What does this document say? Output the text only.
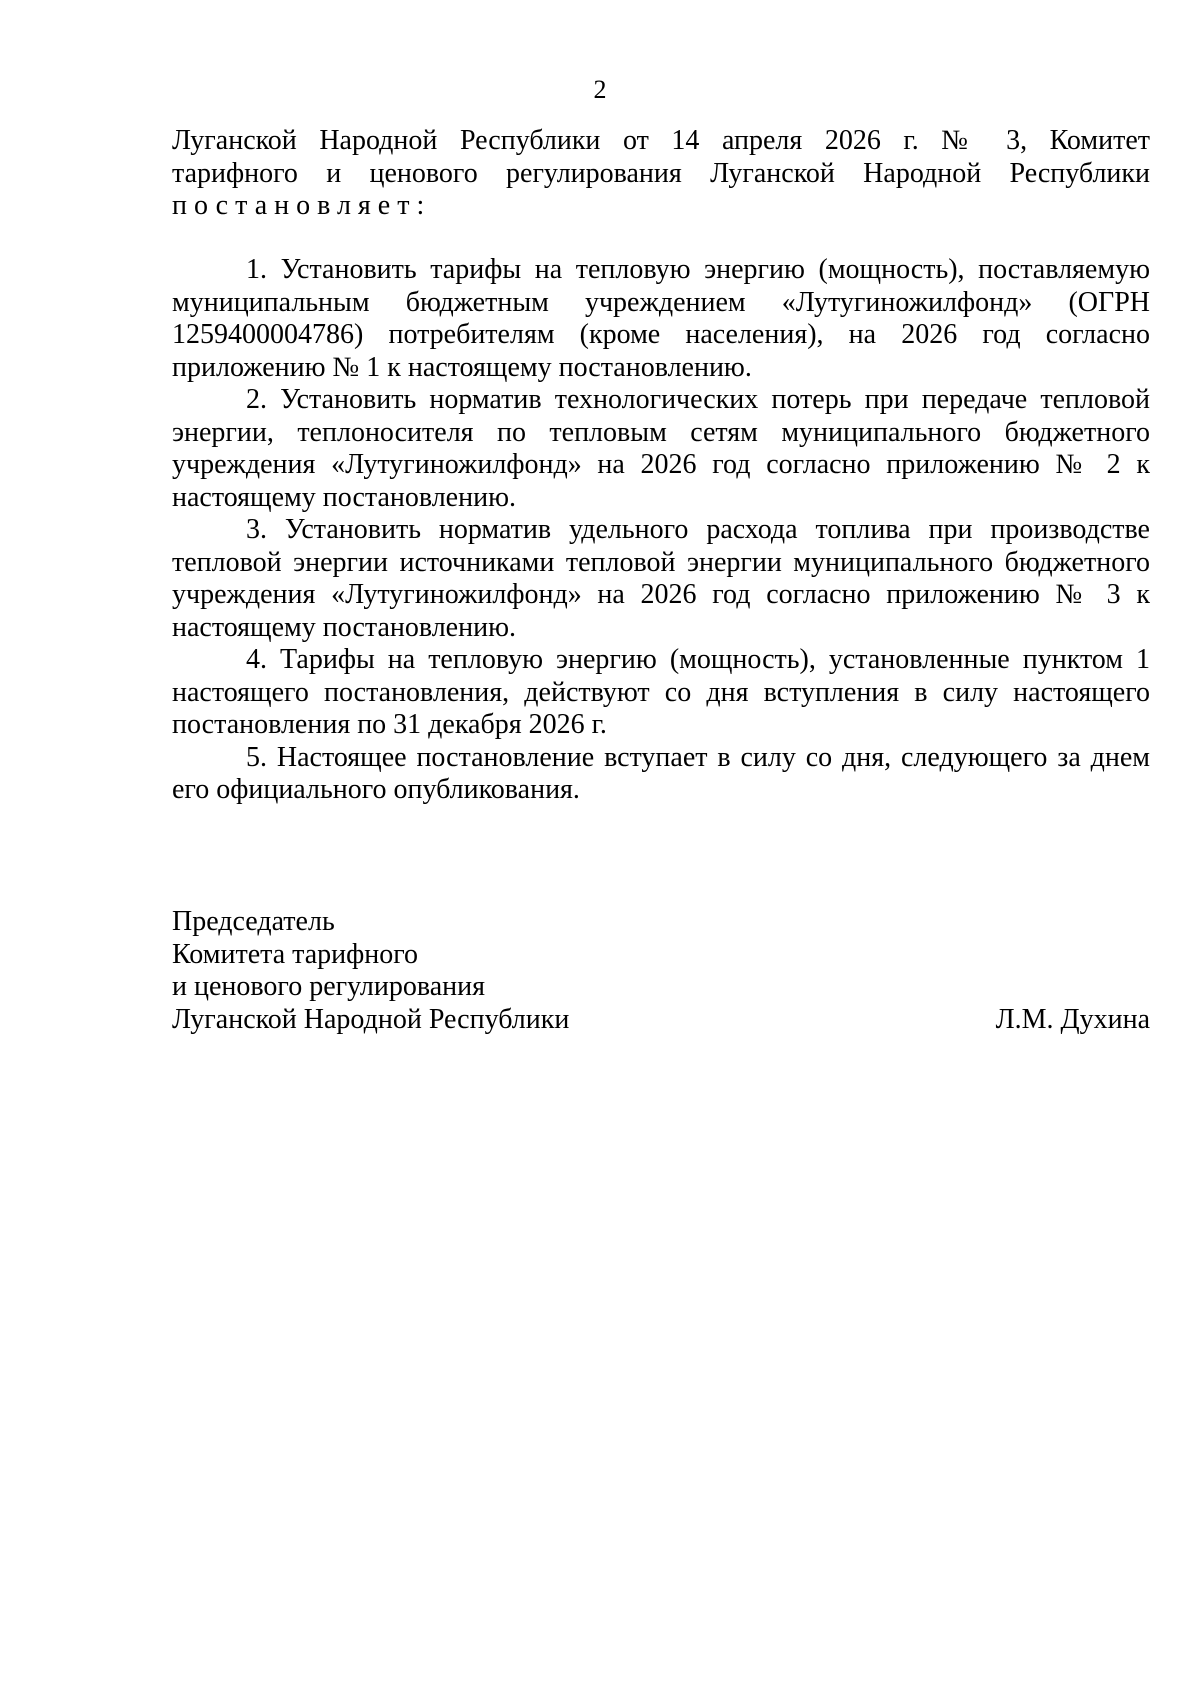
2

Луганской Народной Республики от 14 апреля 2026 г. № 3, Комитет

тарифного и ценового регулирования Луганской Народной Республики

постановляет:

1. Установить тарифы на тепловую энергию (мощность), поставляемую муниципальным бюджетным учреждением «Лутугиножилфонд» (ОГРН 1259400004786) потребителям (кроме населения), на 2026 год согласно приложению № 1 к настоящему постановлению.

2. Установить норматив технологических потерь при передаче тепловой энергии, теплоносителя по тепловым сетям муниципального бюджетного учреждения «Лутугиножилфонд» на 2026 год согласно приложению № 2 к настоящему постановлению.

3. Установить норматив удельного расхода топлива при производстве тепловой энергии источниками тепловой энергии муниципального бюджетного учреждения «Лутугиножилфонд» на 2026 год согласно приложению № 3 к настоящему постановлению.

4. Тарифы на тепловую энергию (мощность), установленные пунктом 1 настоящего постановления, действуют со дня вступления в силу настоящего постановления по 31 декабря 2026 г.

5. Настоящее постановление вступает в силу со дня, следующего за днем его официального опубликования.

Председатель
Комитета тарифного
и ценового регулирования
Луганской Народной Республики	Л.М. Духина
